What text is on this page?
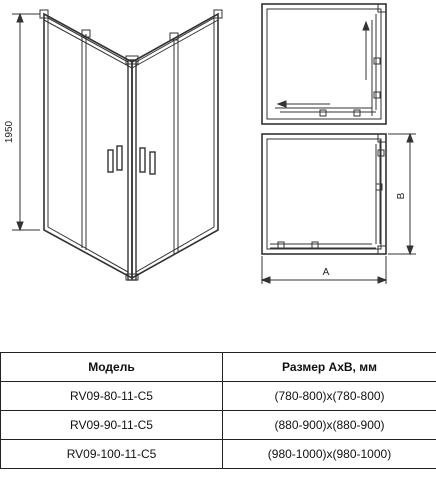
1950
B
A
Модель	Размер АхВ, мм
RV09-80-11-C5	(780-800)х(780-800)
RV09-90-11-C5	(880-900)х(880-900)
RV09-100-11-C5	(980-1000)х(980-1000)
